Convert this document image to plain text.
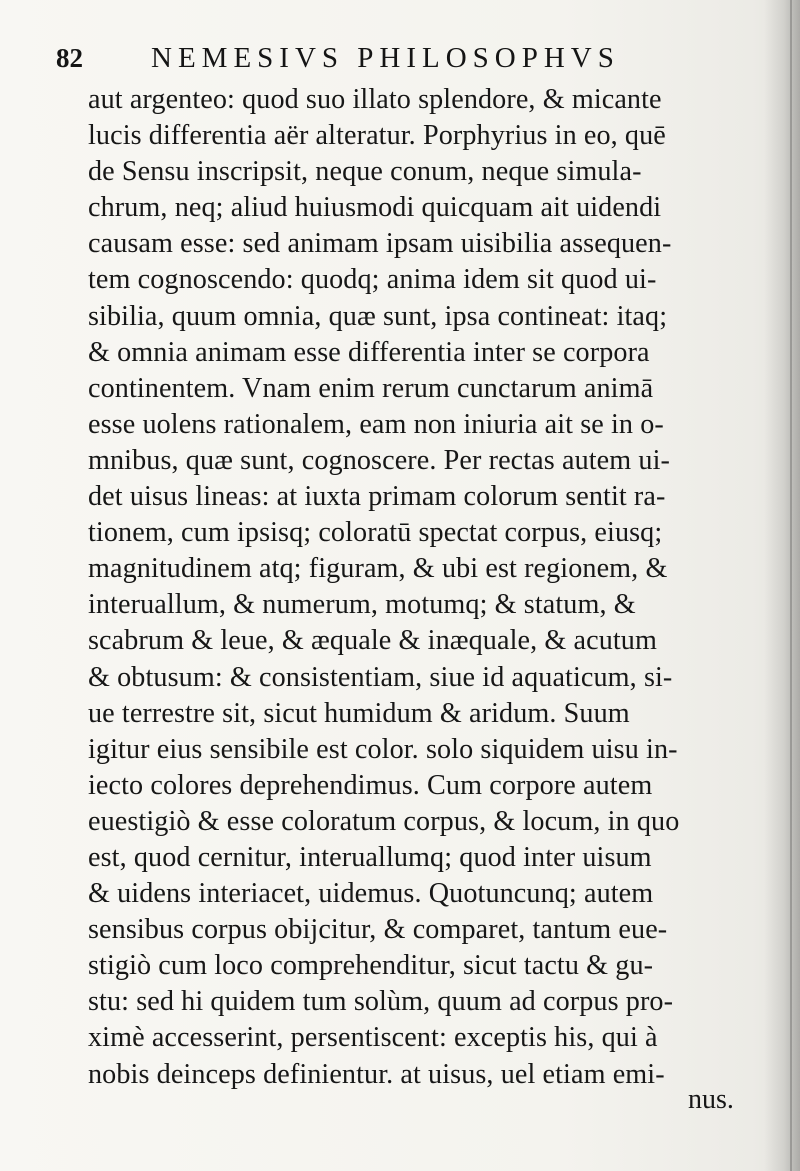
82 NEMESIVS PHILOSOPHVS
aut argenteo: quod suo illato splendore, & micante
lucis differentia aër alteratur. Porphyrius in eo, quē
de Sensu inscripsit, neque conum, neque simula-
chrum, neq; aliud huiusmodi quicquam ait uidendi
causam esse: sed animam ipsam uisibilia assequen-
tem cognoscendo: quodq; anima idem sit quod ui-
sibilia, quum omnia, quæ sunt, ipsa contineat: itaq;
& omnia animam esse differentia inter se corpora
continentem. Vnam enim rerum cunctarum animā
esse uolens rationalem, eam non iniuria ait se in o-
mnibus, quæ sunt, cognoscere. Per rectas autem ui-
det uisus lineas: at iuxta primam colorum sentit ra-
tionem, cum ipsisq; coloratū spectat corpus, eiusq;
magnitudinem atq; figuram, & ubi est regionem, &
interuallum, & numerum, motumq; & statum, &
scabrum & leue, & æquale & inæquale, & acutum
& obtusum: & consistentiam, siue id aquaticum, si-
ue terrestre sit, sicut humidum & aridum. Suum
igitur eius sensibile est color. solo siquidem uisu in-
iecto colores deprehendimus. Cum corpore autem
euestigiò & esse coloratum corpus, & locum, in quo
est, quod cernitur, interuallumq; quod inter uisum
& uidens interiacet, uidemus. Quotuncunq; autem
sensibus corpus obijcitur, & comparet, tantum eue-
stigiò cum loco comprehenditur, sicut tactu & gu-
stu: sed hi quidem tum solùm, quum ad corpus pro-
ximè accesserint, persentiscent: exceptis his, qui à
nobis deinceps definientur. at uisus, uel etiam emi-
nus.
